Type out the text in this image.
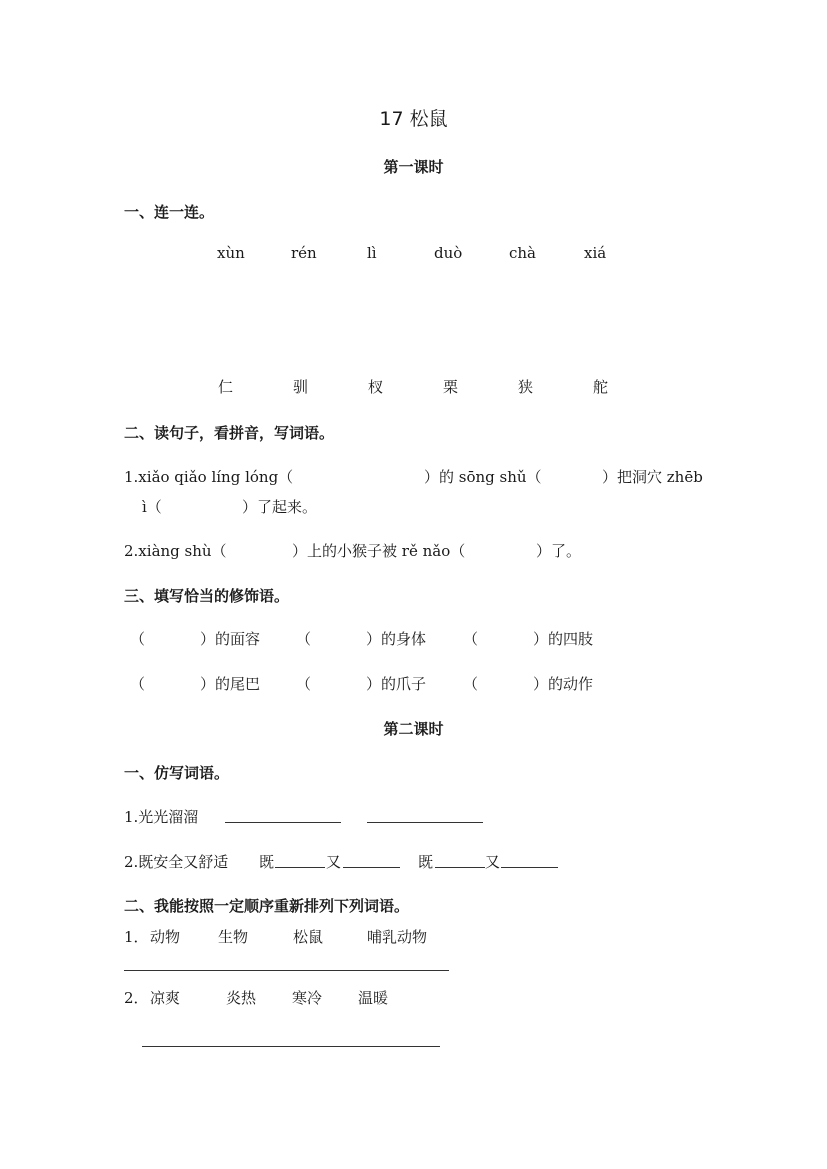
17 松鼠
第一课时
一、连一连。
xùn	rén	lì	duò	chà	xiá
仁	驯	杈	栗	狭	舵
二、读句子，看拼音，写词语。
1.xiǎo qiǎo líng lóng（	）的 sōng shǔ（	）把洞穴 zhēb
ì（	）了起来。
2.xiàng shù（	）上的小猴子被 rě nǎo（	）了。
三、填写恰当的修饰语。
（	）的面容 （	）的身体 （	）的四肢
（	）的尾巴 （	）的爪子 （	）的动作
第二课时
一、仿写词语。
1.光光溜溜
2.既安全又舒适 既	又	既	又
二、我能按照一定顺序重新排列下列词语。
1． 动物	生物	松鼠	哺乳动物
2． 凉爽	炎热 寒冷 温暖
